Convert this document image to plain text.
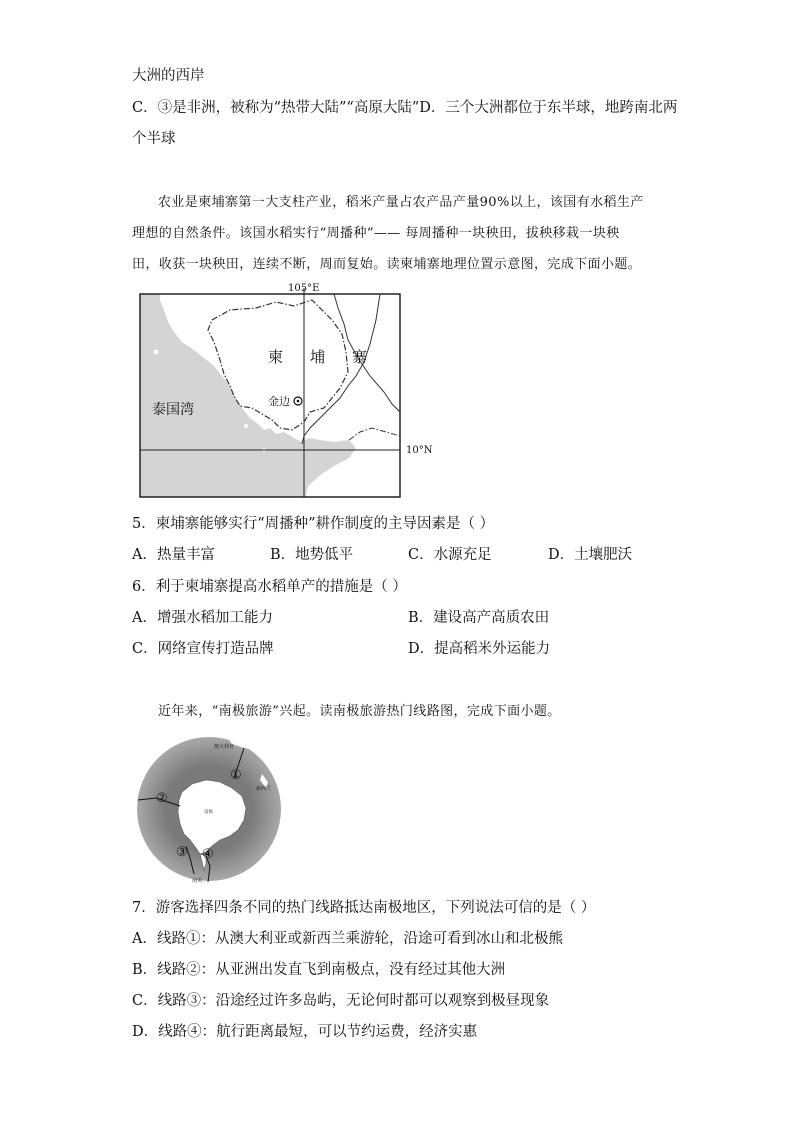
大洲的西岸
C．③是非洲，被称为“热带大陆”“高原大陆”D．三个大洲都位于东半球，地跨南北两
个半球
农业是柬埔寨第一大支柱产业，稻米产量占农产品产量90%以上，该国有水稻生产
理想的自然条件。该国水稻实行“周播种”—— 每周播种一块秧田，拔秧移栽一块秧
田，收获一块秧田，连续不断，周而复始。读柬埔寨地理位置示意图，完成下面小题。
105°E
10°N
柬 埔 寨
金边
泰国湾
5．柬埔寨能够实行“周播种”耕作制度的主导因素是（ ）
A．热量丰富	B．地势低平	C．水源充足	D．土壤肥沃
6．利于柬埔寨提高水稻单产的措施是（ ）
A．增强水稻加工能力	B．建设高产高质农田
C．网络宣传打造品牌	D．提高稻米外运能力
近年来，“南极旅游”兴起。读南极旅游热门线路图，完成下面小题。
①
②
③ ④
澳大利亚
新西兰
南极
南美
7．游客选择四条不同的热门线路抵达南极地区，下列说法可信的是（ ）
A．线路①：从澳大利亚或新西兰乘游轮，沿途可看到冰山和北极熊
B．线路②：从亚洲出发直飞到南极点，没有经过其他大洲
C．线路③：沿途经过许多岛屿，无论何时都可以观察到极昼现象
D．线路④：航行距离最短，可以节约运费，经济实惠
